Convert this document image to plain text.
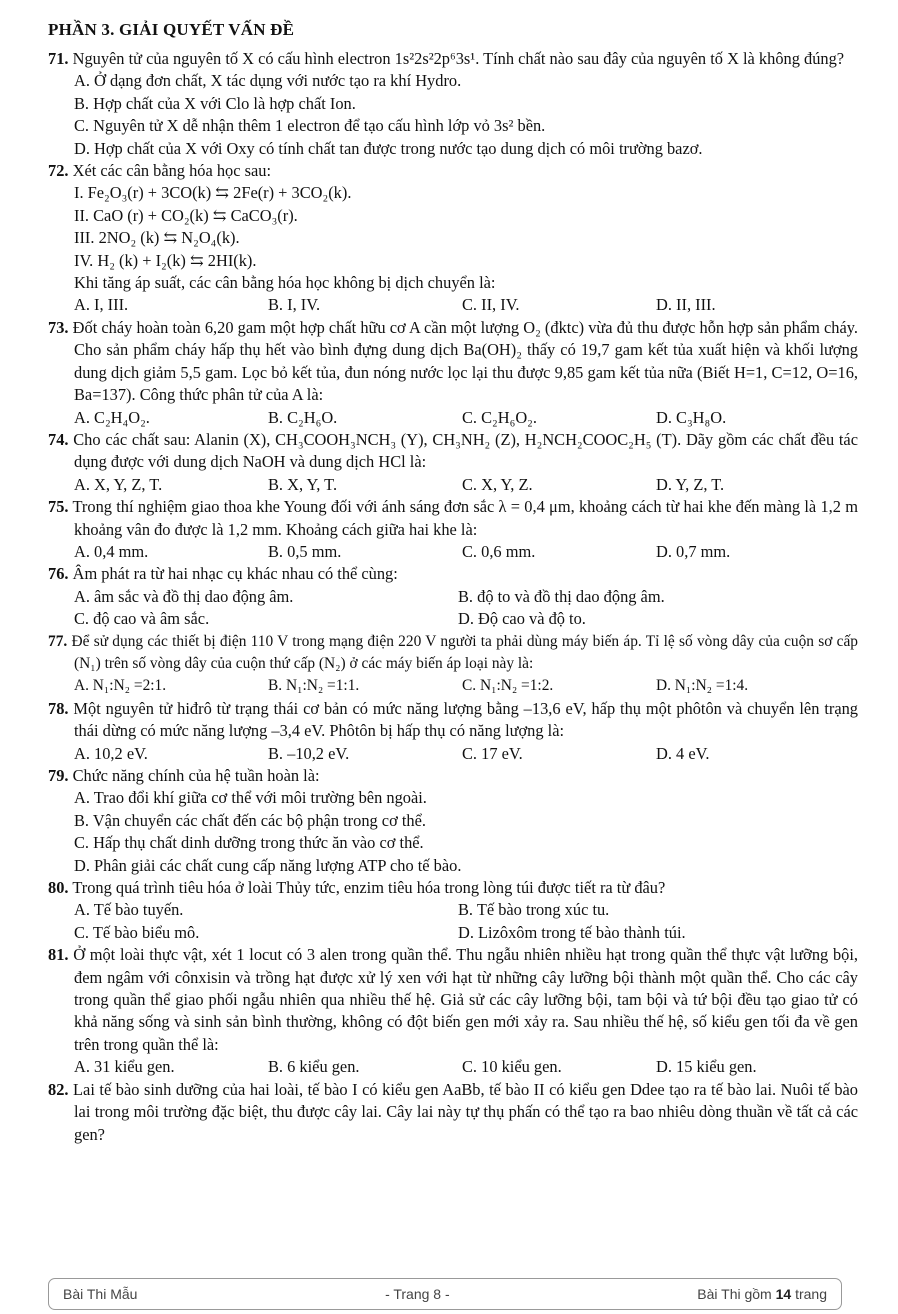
PHẦN 3. GIẢI QUYẾT VẤN ĐỀ
71. Nguyên tử của nguyên tố X có cấu hình electron 1s²2s²2p⁶3s¹. Tính chất nào sau đây của nguyên tố X là không đúng?
A. Ở dạng đơn chất, X tác dụng với nước tạo ra khí Hydro.
B. Hợp chất của X với Clo là hợp chất Ion.
C. Nguyên tử X dễ nhận thêm 1 electron để tạo cấu hình lớp vỏ 3s² bền.
D. Hợp chất của X với Oxy có tính chất tan được trong nước tạo dung dịch có môi trường bazơ.
72. Xét các cân bằng hóa học sau:
I. Fe₂O₃(r) + 3CO(k) ⇆ 2Fe(r) + 3CO₂(k).
II. CaO (r) + CO₂(k) ⇆ CaCO₃(r).
III. 2NO₂ (k) ⇆ N₂O₄(k).
IV. H₂ (k) + I₂(k) ⇆ 2HI(k).
Khi tăng áp suất, các cân bằng hóa học không bị dịch chuyển là:
A. I, III.	B. I, IV.	C. II, IV.	D. II, III.
73. Đốt cháy hoàn toàn 6,20 gam một hợp chất hữu cơ A cần một lượng O₂ (đktc) vừa đủ thu được hỗn hợp sản phẩm cháy. Cho sản phẩm cháy hấp thụ hết vào bình đựng dung dịch Ba(OH)₂ thấy có 19,7 gam kết tủa xuất hiện và khối lượng dung dịch giảm 5,5 gam. Lọc bỏ kết tủa, đun nóng nước lọc lại thu được 9,85 gam kết tủa nữa (Biết H=1, C=12, O=16, Ba=137). Công thức phân tử của A là:
A. C₂H₄O₂.	B. C₂H₆O.	C. C₂H₆O₂.	D. C₃H₈O.
74. Cho các chất sau: Alanin (X), CH₃COOH₃NCH₃ (Y), CH₃NH₂ (Z), H₂NCH₂COOC₂H₅ (T). Dãy gồm các chất đều tác dụng được với dung dịch NaOH và dung dịch HCl là:
A. X, Y, Z, T.	B. X, Y, T.	C. X, Y, Z.	D. Y, Z, T.
75. Trong thí nghiệm giao thoa khe Young đối với ánh sáng đơn sắc λ = 0,4 μm, khoảng cách từ hai khe đến màng là 1,2 m khoảng vân đo được là 1,2 mm. Khoảng cách giữa hai khe là:
A. 0,4 mm.	B. 0,5 mm.	C. 0,6 mm.	D. 0,7 mm.
76. Âm phát ra từ hai nhạc cụ khác nhau có thể cùng:
A. âm sắc và đồ thị dao động âm.	B. độ to và đồ thị dao động âm.
C. độ cao và âm sắc.	D. Độ cao và độ to.
77. Để sử dụng các thiết bị điện 110 V trong mạng điện 220 V người ta phải dùng máy biến áp. Tỉ lệ số vòng dây của cuộn sơ cấp (N₁) trên số vòng dây của cuộn thứ cấp (N₂) ở các máy biến áp loại này là:
A. N₁:N₂ =2:1.	B. N₁:N₂ =1:1.	C. N₁:N₂ =1:2.	D. N₁:N₂ =1:4.
78. Một nguyên tử hiđrô từ trạng thái cơ bản có mức năng lượng bằng –13,6 eV, hấp thụ một phôtôn và chuyển lên trạng thái dừng có mức năng lượng –3,4 eV. Phôtôn bị hấp thụ có năng lượng là:
A. 10,2 eV.	B. –10,2 eV.	C. 17 eV.	D. 4 eV.
79. Chức năng chính của hệ tuần hoàn là:
A. Trao đổi khí giữa cơ thể với môi trường bên ngoài.
B. Vận chuyển các chất đến các bộ phận trong cơ thể.
C. Hấp thụ chất dinh dưỡng trong thức ăn vào cơ thể.
D. Phân giải các chất cung cấp năng lượng ATP cho tế bào.
80. Trong quá trình tiêu hóa ở loài Thủy tức, enzim tiêu hóa trong lòng túi được tiết ra từ đâu?
A. Tế bào tuyến.	B. Tế bào trong xúc tu.
C. Tế bào biểu mô.	D. Lizôxôm trong tế bào thành túi.
81. Ở một loài thực vật, xét 1 locut có 3 alen trong quần thể. Thu ngẫu nhiên nhiều hạt trong quần thể thực vật lưỡng bội, đem ngâm với cônxisin và trồng hạt được xử lý xen với hạt từ những cây lưỡng bội thành một quần thể. Cho các cây trong quần thể giao phối ngẫu nhiên qua nhiều thế hệ. Giả sử các cây lưỡng bội, tam bội và tứ bội đều tạo giao tử có khả năng sống và sinh sản bình thường, không có đột biến gen mới xảy ra. Sau nhiều thế hệ, số kiểu gen tối đa về gen trên trong quần thể là:
A. 31 kiểu gen.	B. 6 kiểu gen.	C. 10 kiểu gen.	D. 15 kiểu gen.
82. Lai tế bào sinh dưỡng của hai loài, tế bào I có kiểu gen AaBb, tế bào II có kiểu gen Ddee tạo ra tế bào lai. Nuôi tế bào lai trong môi trường đặc biệt, thu được cây lai. Cây lai này tự thụ phấn có thể tạo ra bao nhiêu dòng thuần về tất cả các gen?
Bài Thi Mẫu	- Trang 8 -	Bài Thi gồm 14 trang
